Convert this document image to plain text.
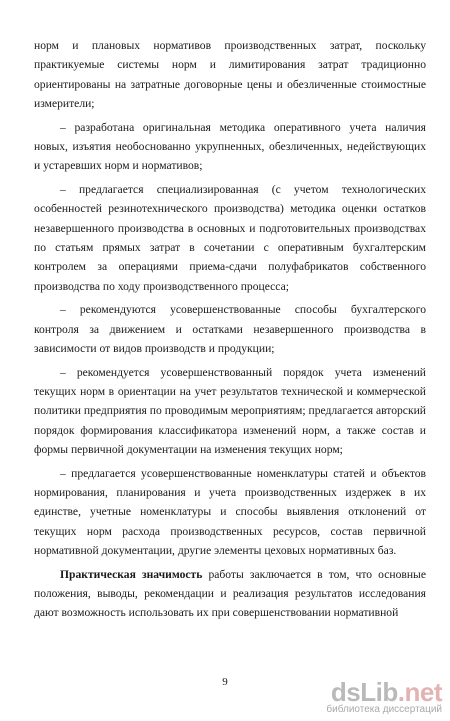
норм и плановых нормативов производственных затрат, поскольку практикуемые системы норм и лимитирования затрат традиционно ориентированы на затратные договорные цены и обезличенные стоимостные измерители;

– разработана оригинальная методика оперативного учета наличия новых, изъятия необоснованно укрупненных, обезличенных, недействующих и устаревших норм и нормативов;

– предлагается специализированная (с учетом технологических особенностей резинотехнического производства) методика оценки остатков незавершенного производства в основных и подготовительных производствах по статьям прямых затрат в сочетании с оперативным бухгалтерским контролем за операциями приема-сдачи полуфабрикатов собственного производства по ходу производственного процесса;

– рекомендуются усовершенствованные способы бухгалтерского контроля за движением и остатками незавершенного производства в зависимости от видов производств и продукции;

– рекомендуется усовершенствованный порядок учета изменений текущих норм в ориентации на учет результатов технической и коммерческой политики предприятия по проводимым мероприятиям; предлагается авторский порядок формирования классификатора изменений норм, а также состав и формы первичной документации на изменения текущих норм;

– предлагается усовершенствованные номенклатуры статей и объектов нормирования, планирования и учета производственных издержек в их единстве, учетные номенклатуры и способы выявления отклонений от текущих норм расхода производственных ресурсов, состав первичной нормативной документации, другие элементы цеховых нормативных баз.

Практическая значимость работы заключается в том, что основные положения, выводы, рекомендации и реализация результатов исследования дают возможность использовать их при совершенствовании нормативной

9	dsLib.net
библиотека диссертаций
